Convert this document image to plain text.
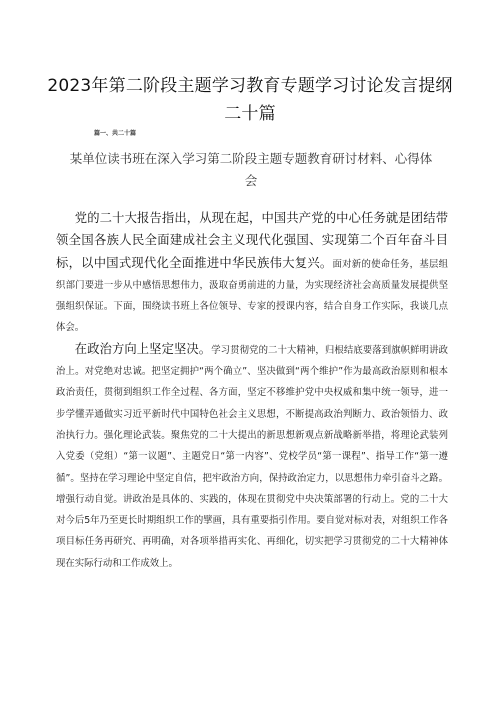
2023年第二阶段主题学习教育专题学习讨论发言提纲
二十篇
篇一、共二十篇
某单位读书班在深入学习第二阶段主题专题教育研讨材料、心得体
会

党的二十大报告指出，从现在起，中国共产党的中心任务就是团结带领全国各族人民全面建成社会主义现代化强国、实现第二个百年奋斗目标，以中国式现代化全面推进中华民族伟大复兴。面对新的使命任务，基层组织部门要进一步从中感悟思想伟力，汲取奋勇前进的力量，为实现经济社会高质量发展提供坚强组织保证。下面，围绕读书班上各位领导、专家的授课内容，结合自身工作实际，我谈几点体会。

在政治方向上坚定坚决。学习贯彻党的二十大精神，归根结底要落到旗帜鲜明讲政治上。对党绝对忠诚。把坚定拥护“两个确立”、坚决做到“两个维护”作为最高政治原则和根本政治责任，贯彻到组织工作全过程、各方面，坚定不移维护党中央权威和集中统一领导，进一步学懂弄通做实习近平新时代中国特色社会主义思想，不断提高政治判断力、政治领悟力、政治执行力。强化理论武装。聚焦党的二十大提出的新思想新观点新战略新举措，将理论武装列入党委（党组）“第一议题”、主题党日“第一内容”、党校学员“第一课程”、指导工作“第一遵循”。坚持在学习理论中坚定自信，把牢政治方向，保持政治定力，以思想伟力牵引奋斗之路。增强行动自觉。讲政治是具体的、实践的，体现在贯彻党中央决策部署的行动上。党的二十大对今后5年乃至更长时期组织工作的擘画，具有重要指引作用。要自觉对标对表，对组织工作各项目标任务再研究、再明确，对各项举措再实化、再细化，切实把学习贯彻党的二十大精神体现在实际行动和工作成效上。
